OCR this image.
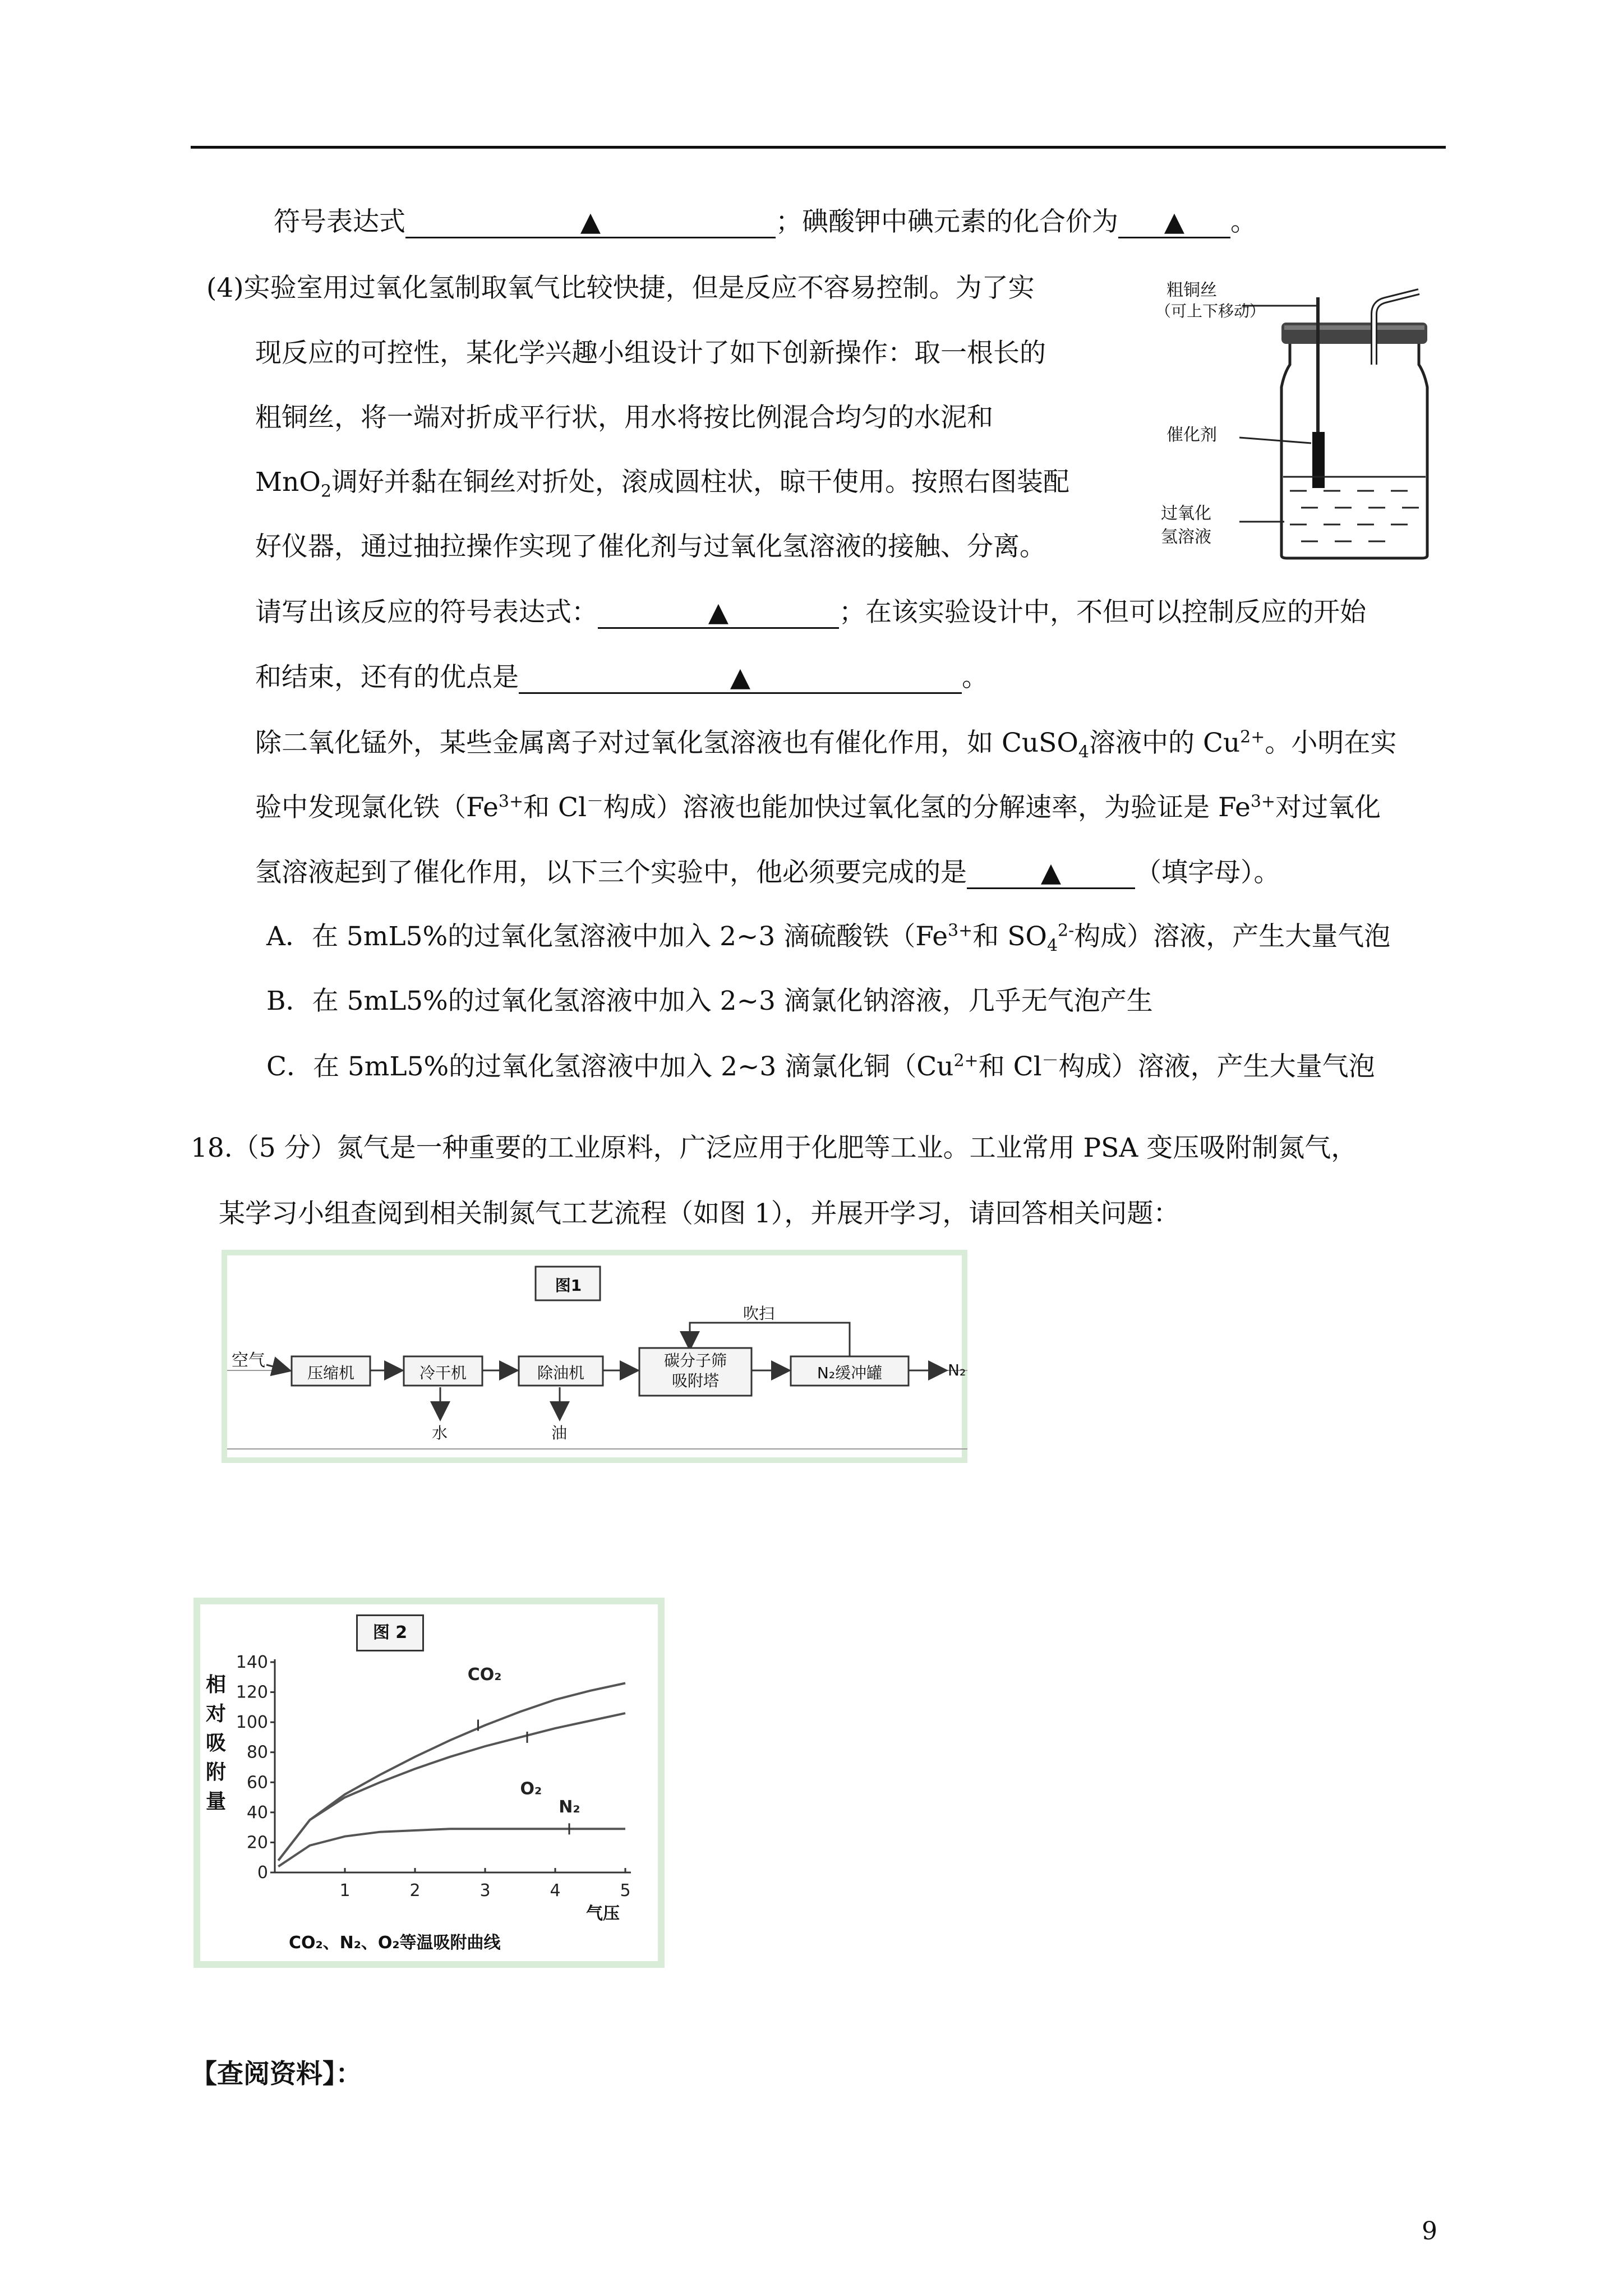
符号表达式	▲	；碘酸钾中碘元素的化合价为 ▲ 。
(4)实验室用过氧化氢制取氧气比较快捷，但是反应不容易控制。为了实
现反应的可控性，某化学兴趣小组设计了如下创新操作：取一根长的
粗铜丝，将一端对折成平行状，用水将按比例混合均匀的水泥和
MnO$_2$调好并黏在铜丝对折处，滚成圆柱状，晾干使用。按照右图装配
好仪器，通过抽拉操作实现了催化剂与过氧化氢溶液的接触、分离。
请写出该反应的符号表达式：	▲	；在该实验设计中，不但可以控制反应的开始
和结束，还有的优点是	▲	。
除二氧化锰外，某些金属离子对过氧化氢溶液也有催化作用，如 CuSO$_4$溶液中的 $Cu^{2+}$。小明在实
验中发现氯化铁（$Fe^{3+}$和 Cl－构成）溶液也能加快过氧化氢的分解速率，为验证是 $Fe^{3+}$对过氧化
氢溶液起到了催化作用，以下三个实验中，他必须要完成的是	▲	（填字母）。
A．在 5mL5%的过氧化氢溶液中加入 2~3 滴硫酸铁（$Fe^{3+}$和 $SO_4^{2-}$构成）溶液，产生大量气泡
B．在 5mL5%的过氧化氢溶液中加入 2~3 滴氯化钠溶液，几乎无气泡产生
C．在 5mL5%的过氧化氢溶液中加入 2~3 滴氯化铜（$Cu^{2+}$和 Cl－构成）溶液，产生大量气泡
粗铜丝
（可上下移动）
催化剂
过氧化
氢溶液
18.（5 分）氮气是一种重要的工业原料，广泛应用于化肥等工业。工业常用 PSA 变压吸附制氮气，
某学习小组查阅到相关制氮气工艺流程（如图 1），并展开学习，请回答相关问题：
图1
空气
压缩机	冷干机	除油机
碳分子筛
吸附塔	N₂缓冲罐	N₂
吹扫
水	油
图 2
相
对
吸
附
量
0
20
40
60
80
100
120
140
1	2	3	4	5
CO₂
O₂
N₂
气压
CO₂、N₂、O₂等温吸附曲线
【查阅资料】：
9
